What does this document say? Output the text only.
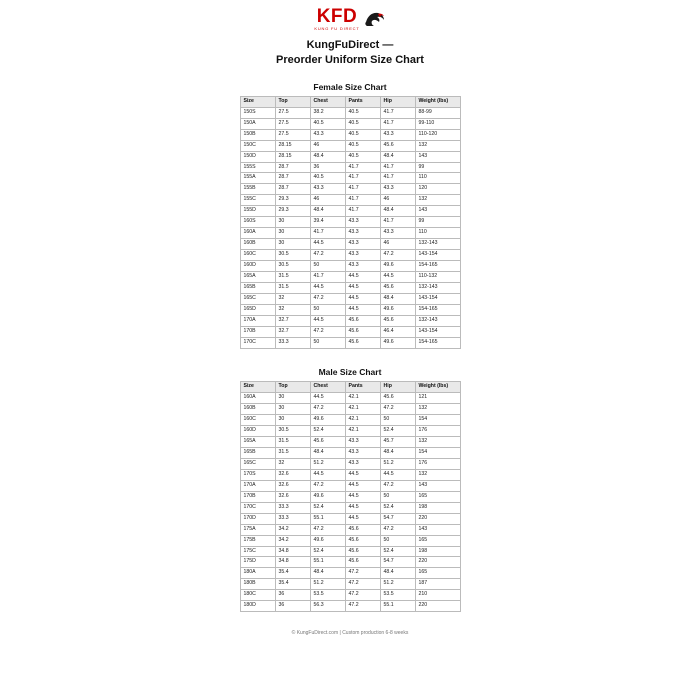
KFD
KUNG FU DIRECT
KungFuDirect —
Preorder Uniform Size Chart
Female Size Chart
Size	Top	Chest	Pants	Hip	Weight (lbs)
150S	27.5	38.2	40.5	41.7	88-99
150A	27.5	40.5	40.5	41.7	99-110
150B	27.5	43.3	40.5	43.3	110-120
150C	28.15	46	40.5	45.6	132
150D	28.15	48.4	40.5	48.4	143
155S	28.7	36	41.7	41.7	99
155A	28.7	40.5	41.7	41.7	110
155B	28.7	43.3	41.7	43.3	120
155C	29.3	46	41.7	46	132
155D	29.3	48.4	41.7	48.4	143
160S	30	39.4	43.3	41.7	99
160A	30	41.7	43.3	43.3	110
160B	30	44.5	43.3	46	132-143
160C	30.5	47.2	43.3	47.2	143-154
160D	30.5	50	43.3	49.6	154-165
165A	31.5	41.7	44.5	44.5	110-132
165B	31.5	44.5	44.5	45.6	132-143
165C	32	47.2	44.5	48.4	143-154
165D	32	50	44.5	49.6	154-165
170A	32.7	44.5	45.6	45.6	132-143
170B	32.7	47.2	45.6	46.4	143-154
170C	33.3	50	45.6	49.6	154-165
Male Size Chart
Size	Top	Chest	Pants	Hip	Weight (lbs)
160A	30	44.5	42.1	45.6	121
160B	30	47.2	42.1	47.2	132
160C	30	49.6	42.1	50	154
160D	30.5	52.4	42.1	52.4	176
165A	31.5	45.6	43.3	45.7	132
165B	31.5	48.4	43.3	48.4	154
165C	32	51.2	43.3	51.2	176
170S	32.6	44.5	44.5	44.5	132
170A	32.6	47.2	44.5	47.2	143
170B	32.6	49.6	44.5	50	165
170C	33.3	52.4	44.5	52.4	198
170D	33.3	55.1	44.5	54.7	220
175A	34.2	47.2	45.6	47.2	143
175B	34.2	49.6	45.6	50	165
175C	34.8	52.4	45.6	52.4	198
175D	34.8	55.1	45.6	54.7	220
180A	35.4	48.4	47.2	48.4	165
180B	35.4	51.2	47.2	51.2	187
180C	36	53.5	47.2	53.5	210
180D	36	56.3	47.2	55.1	220
© KungFuDirect.com | Custom production 6-8 weeks
